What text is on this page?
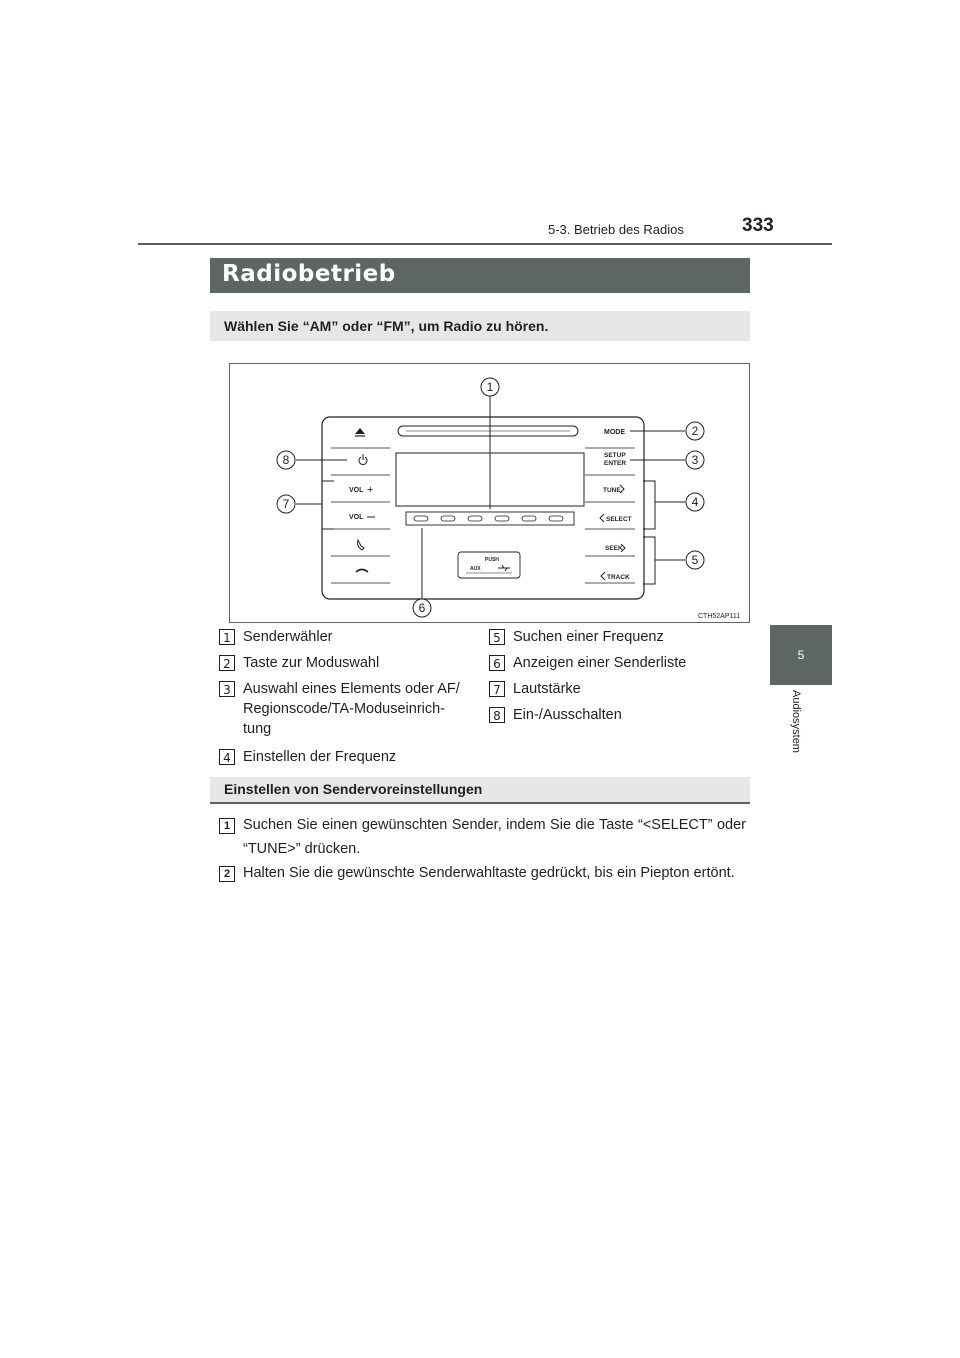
5-3. Betrieb des Radios	333
5
Audiosystem
Radiobetrieb
Wählen Sie “AM” oder “FM”, um Radio zu hören.
VOL +
VOL
MODE
SETUP
ENTER
TUNE
SELECT
SEEK
TRACK
PUSH
AUX
1
2
3
4
5
6
7
8
CTH52AP111
1 Senderwähler
2 Taste zur Moduswahl
3 Auswahl eines Elements oder AF/ Regionscode/TA-Moduseinrich- tung
4 Einstellen der Frequenz
5 Suchen einer Frequenz
6 Anzeigen einer Senderliste
7 Lautstärke
8 Ein-/Ausschalten
Einstellen von Sendervoreinstellungen
1 Suchen Sie einen gewünschten Sender, indem Sie die Taste “<SELECT” oder “TUNE>” drücken.
2 Halten Sie die gewünschte Senderwahltaste gedrückt, bis ein Piepton ertönt.
